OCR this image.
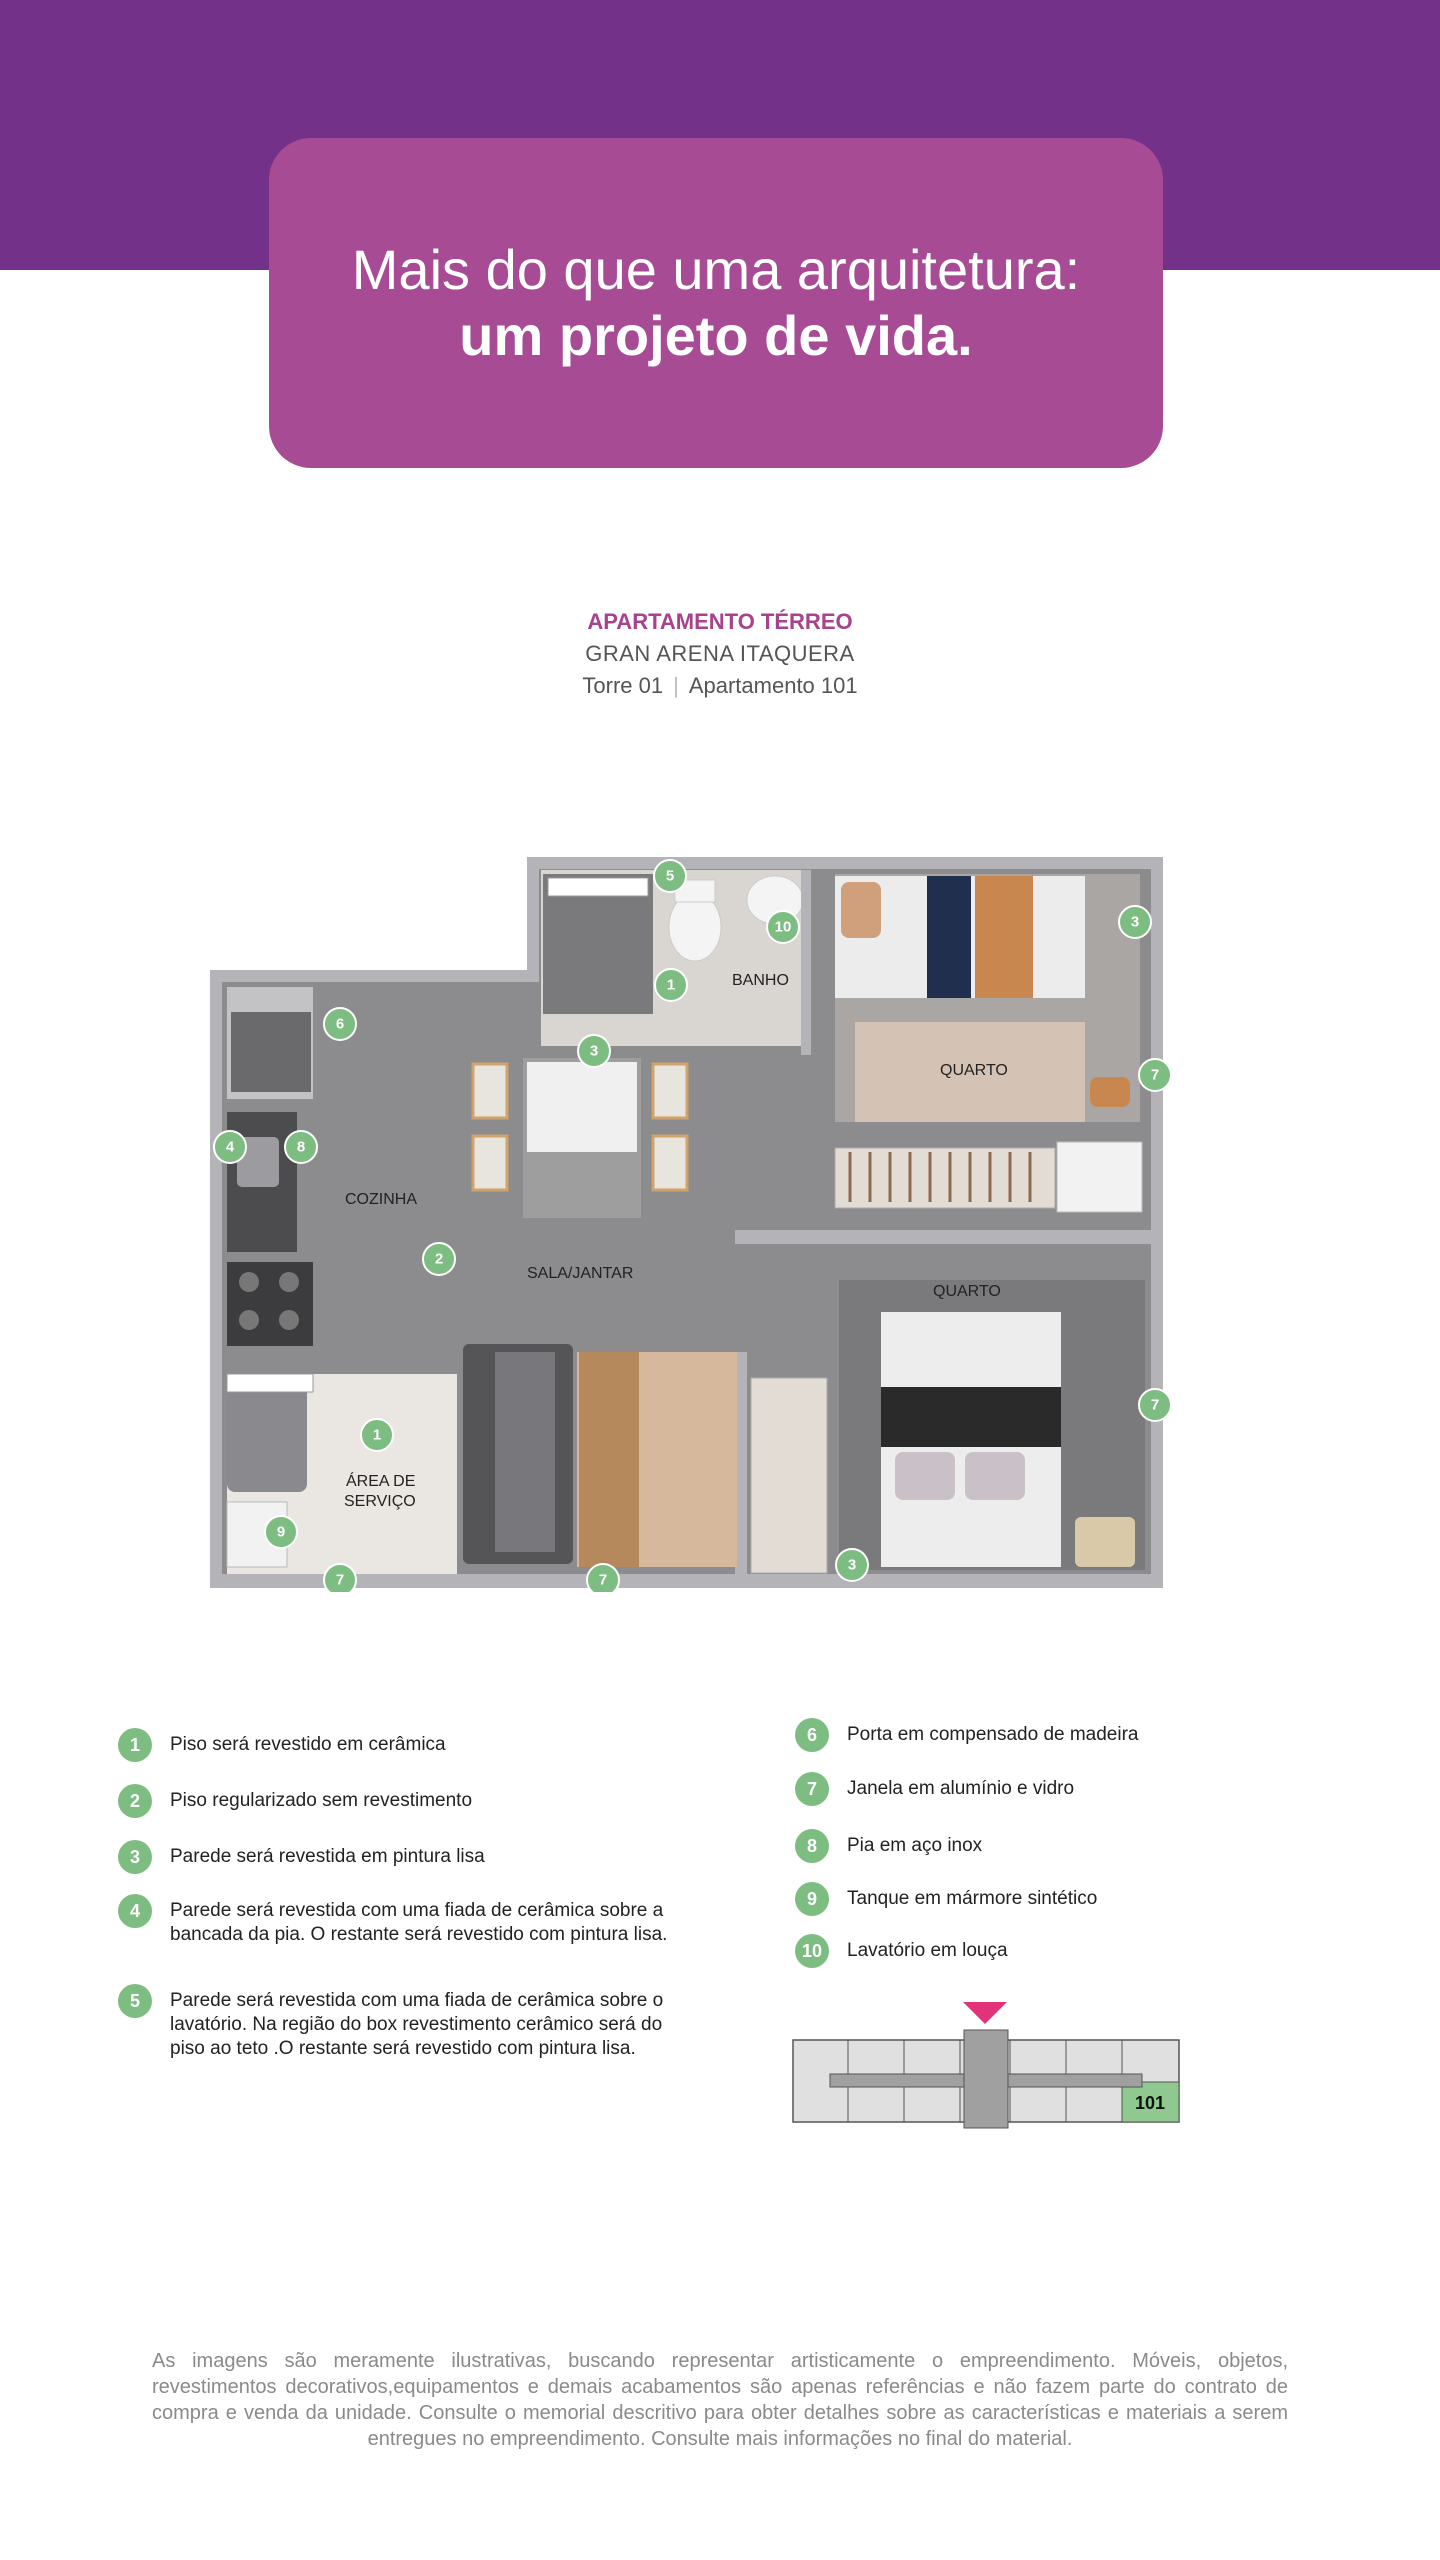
Mais do que uma arquitetura:
um projeto de vida.
APARTAMENTO TÉRREO
GRAN ARENA ITAQUERA
Torre 01 | Apartamento 101
BANHO
QUARTO
COZINHA
SALA/JANTAR
QUARTO
ÁREA DE
SERVIÇO
5
10
1
3
6
4	8
3
7
2
1
7
9
7	7
3
1	Piso será revestido em cerâmica
2	Piso regularizado sem revestimento
3	Parede será revestida em pintura lisa
4	Parede será revestida com uma fiada de cerâmica sobre a bancada da pia. O restante será revestido com pintura lisa.
5	Parede será revestida com uma fiada de cerâmica sobre o lavatório. Na região do box revestimento cerâmico será do piso ao teto .O restante será revestido com pintura lisa.
6	Porta em compensado de madeira
7	Janela em alumínio e vidro
8	Pia em aço inox
9	Tanque em mármore sintético
10	Lavatório em louça
101
As imagens são meramente ilustrativas, buscando representar artisticamente o empreendimento. Móveis, objetos, revestimentos decorativos,equipamentos e demais acabamentos são apenas referências e não fazem parte do contrato de compra e venda da unidade. Consulte o memorial descritivo para obter detalhes sobre as características e materiais a serem entregues no empreendimento. Consulte mais informações no final do material.
